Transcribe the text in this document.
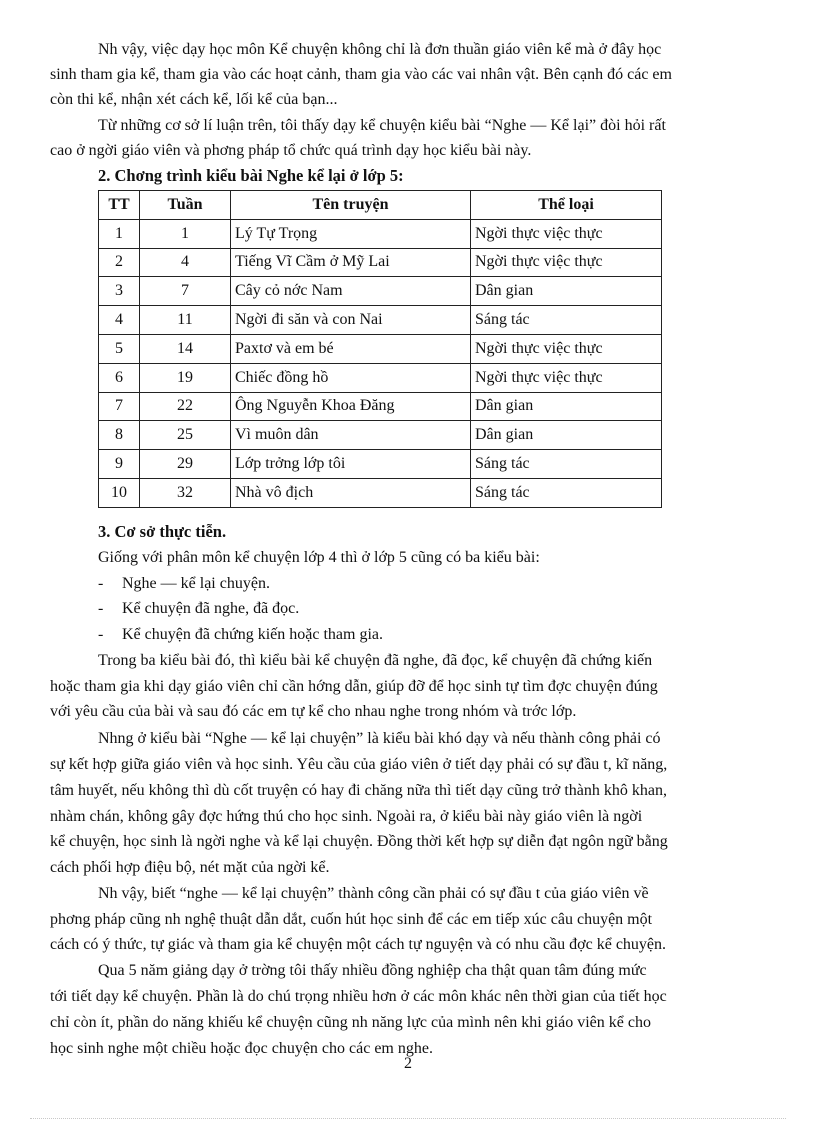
Nh vậy, việc dạy học môn Kể chuyện không chỉ là đơn thuần giáo viên kể mà ở đây học
sinh tham gia kể, tham gia vào các hoạt cảnh, tham gia vào các vai nhân vật. Bên cạnh đó các em
còn thi kể, nhận xét cách kể, lối kể của bạn...
Từ những cơ sở lí luận trên, tôi thấy dạy kể chuyện kiểu bài “Nghe — Kể lại” đòi hỏi rất
cao ở ngời giáo viên và phơng pháp tổ chức quá trình dạy học kiểu bài này.
2. Chơng trình kiểu bài Nghe kể lại ở lớp 5:
TT	Tuần	Tên truyện	Thể loại
1	1	Lý Tự Trọng	Ngời thực việc thực
2	4	Tiếng Vĩ Cầm ở Mỹ Lai	Ngời thực việc thực
3	7	Cây cỏ nớc Nam	Dân gian
4	11	Ngời đi săn và con Nai	Sáng tác
5	14	Paxtơ và em bé	Ngời thực việc thực
6	19	Chiếc đồng hồ	Ngời thực việc thực
7	22	Ông Nguyễn Khoa Đăng	Dân gian
8	25	Vì muôn dân	Dân gian
9	29	Lớp trởng lớp tôi	Sáng tác
10	32	Nhà vô địch	Sáng tác
3. Cơ sở thực tiễn.
Giống với phân môn kể chuyện lớp 4 thì ở lớp 5 cũng có ba kiểu bài:
- Nghe — kể lại chuyện.
- Kể chuyện đã nghe, đã đọc.
- Kể chuyện đã chứng kiến hoặc tham gia.
Trong ba kiểu bài đó, thì kiểu bài kể chuyện đã nghe, đã đọc, kể chuyện đã chứng kiến
hoặc tham gia khi dạy giáo viên chỉ cần hớng dẫn, giúp đỡ để học sinh tự tìm đợc chuyện đúng
với yêu cầu của bài và sau đó các em tự kể cho nhau nghe trong nhóm và trớc lớp.
Nhng ở kiểu bài “Nghe — kể lại chuyện” là kiểu bài khó dạy và nếu thành công phải có
sự kết hợp giữa giáo viên và học sinh. Yêu cầu của giáo viên ở tiết dạy phải có sự đầu t, kĩ năng,
tâm huyết, nếu không thì dù cốt truyện có hay đi chăng nữa thì tiết dạy cũng trở thành khô khan,
nhàm chán, không gây đợc hứng thú cho học sinh. Ngoài ra, ở kiểu bài này giáo viên là ngời
kể chuyện, học sinh là ngời nghe và kể lại chuyện. Đồng thời kết hợp sự diễn đạt ngôn ngữ bằng
cách phối hợp điệu bộ, nét mặt của ngời kể.
Nh vậy, biết “nghe — kể lại chuyện” thành công cần phải có sự đầu t của giáo viên về
phơng pháp cũng nh nghệ thuật dẫn dắt, cuốn hút học sinh để các em tiếp xúc câu chuyện một
cách có ý thức, tự giác và tham gia kể chuyện một cách tự nguyện và có nhu cầu đợc kể chuyện.
Qua 5 năm giảng dạy ở trờng tôi thấy nhiều đồng nghiệp cha thật quan tâm đúng mức
tới tiết dạy kể chuyện. Phần là do chú trọng nhiều hơn ở các môn khác nên thời gian của tiết học
chỉ còn ít, phần do năng khiếu kể chuyện cũng nh năng lực của mình nên khi giáo viên kể cho
học sinh nghe một chiều hoặc đọc chuyện cho các em nghe.
2
